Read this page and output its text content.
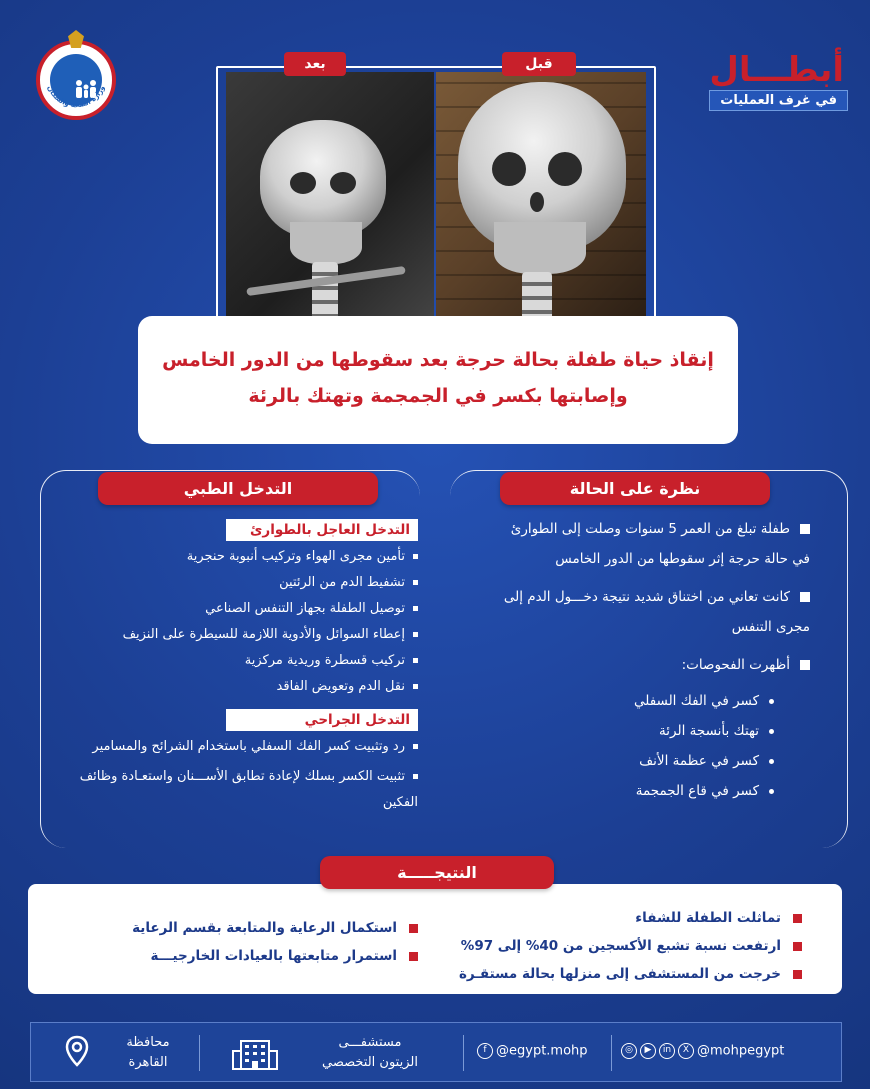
وزارة الصحة والسكان	أبطـــال
في غرف العمليات
بعد	قبل
إنقاذ حياة طفلة بحالة حرجة بعد سقوطها من الدور الخامس
وإصابتها بكسر في الجمجمة وتهتك بالرئة
نظرة على الحالة
طفلة تبلغ من العمر 5 سنوات وصلت إلى الطوارئ في حالة حرجة إثر سقوطها من الدور الخامس
كانت تعاني من اختناق شديد نتيجة دخـــول الدم إلى مجرى التنفس
أظهرت الفحوصات:
كسر في الفك السفلي
تهتك بأنسجة الرئة
كسر في عظمة الأنف
كسر في قاع الجمجمة
التدخل الطبي
التدخل العاجل بالطوارئ
تأمين مجرى الهواء وتركيب أنبوبة حنجرية
تشفيط الدم من الرئتين
توصيل الطفلة بجهاز التنفس الصناعي
إعطاء السوائل والأدوية اللازمة للسيطرة على النزيف
تركيب قسطرة وريدية مركزية
نقل الدم وتعويض الفاقد
التدخل الجراحي
رد وتثبيت كسر الفك السفلي باستخدام الشرائح والمسامير
تثبيت الكسر بسلك لإعادة تطابق الأســـنان واستعـادة وظائف الفكين
تماثلت الطفلة للشفاء
ارتفعت نسبة تشبع الأكسجين من 40% إلى 97%
خرجت من المستشفى إلى منزلها بحالة مستقـرة
استكمال الرعاية والمتابعة بقسم الرعاية
استمرار متابعتها بالعيادات الخارجيـــة
النتيجـــــة
محافظة
القاهرة
مستشفـــى
الزيتون التخصصي
f @egypt.mohp	◎ ▶ in X @mohpegypt
